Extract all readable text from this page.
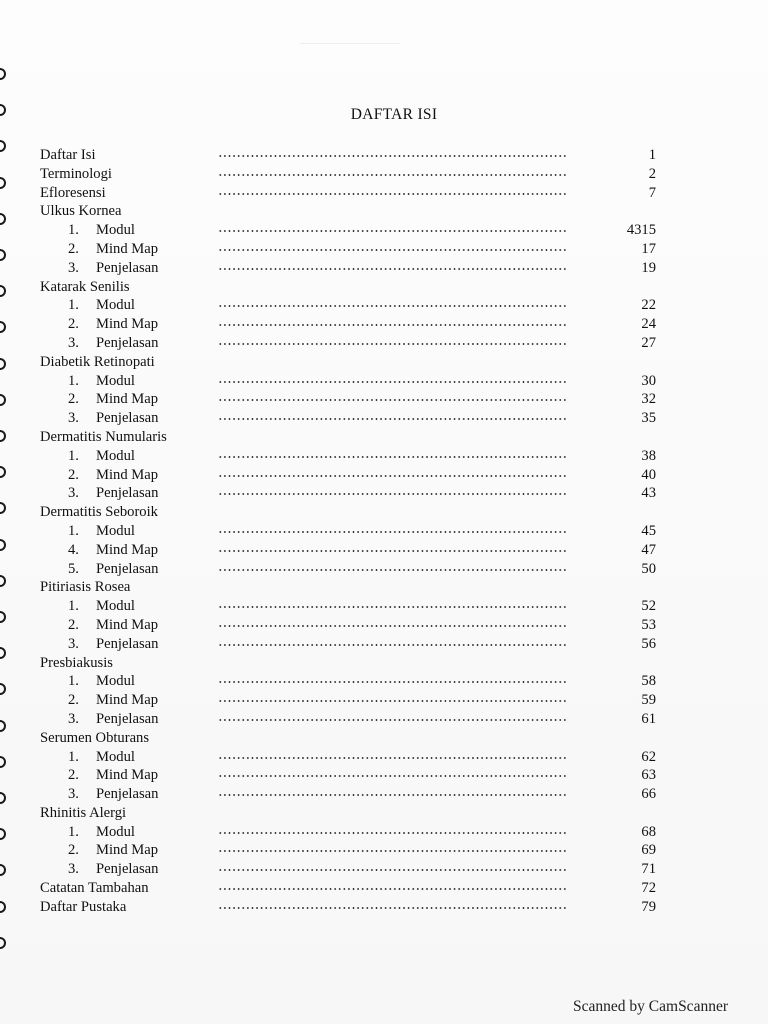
DAFTAR ISI
Daftar Isi	1
Terminologi	2
Efloresensi	7
Ulkus Kornea
1. Modul	4315
2. Mind Map	17
3. Penjelasan	19
Katarak Senilis
1. Modul	22
2. Mind Map	24
3. Penjelasan	27
Diabetik Retinopati
1. Modul	30
2. Mind Map	32
3. Penjelasan	35
Dermatitis Numularis
1. Modul	38
2. Mind Map	40
3. Penjelasan	43
Dermatitis Seboroik
1. Modul	45
4. Mind Map	47
5. Penjelasan	50
Pitiriasis Rosea
1. Modul	52
2. Mind Map	53
3. Penjelasan	56
Presbiakusis
1. Modul	58
2. Mind Map	59
3. Penjelasan	61
Serumen Obturans
1. Modul	62
2. Mind Map	63
3. Penjelasan	66
Rhinitis Alergi
1. Modul	68
2. Mind Map	69
3. Penjelasan	71
Catatan Tambahan	72
Daftar Pustaka	79
Scanned by CamScanner
